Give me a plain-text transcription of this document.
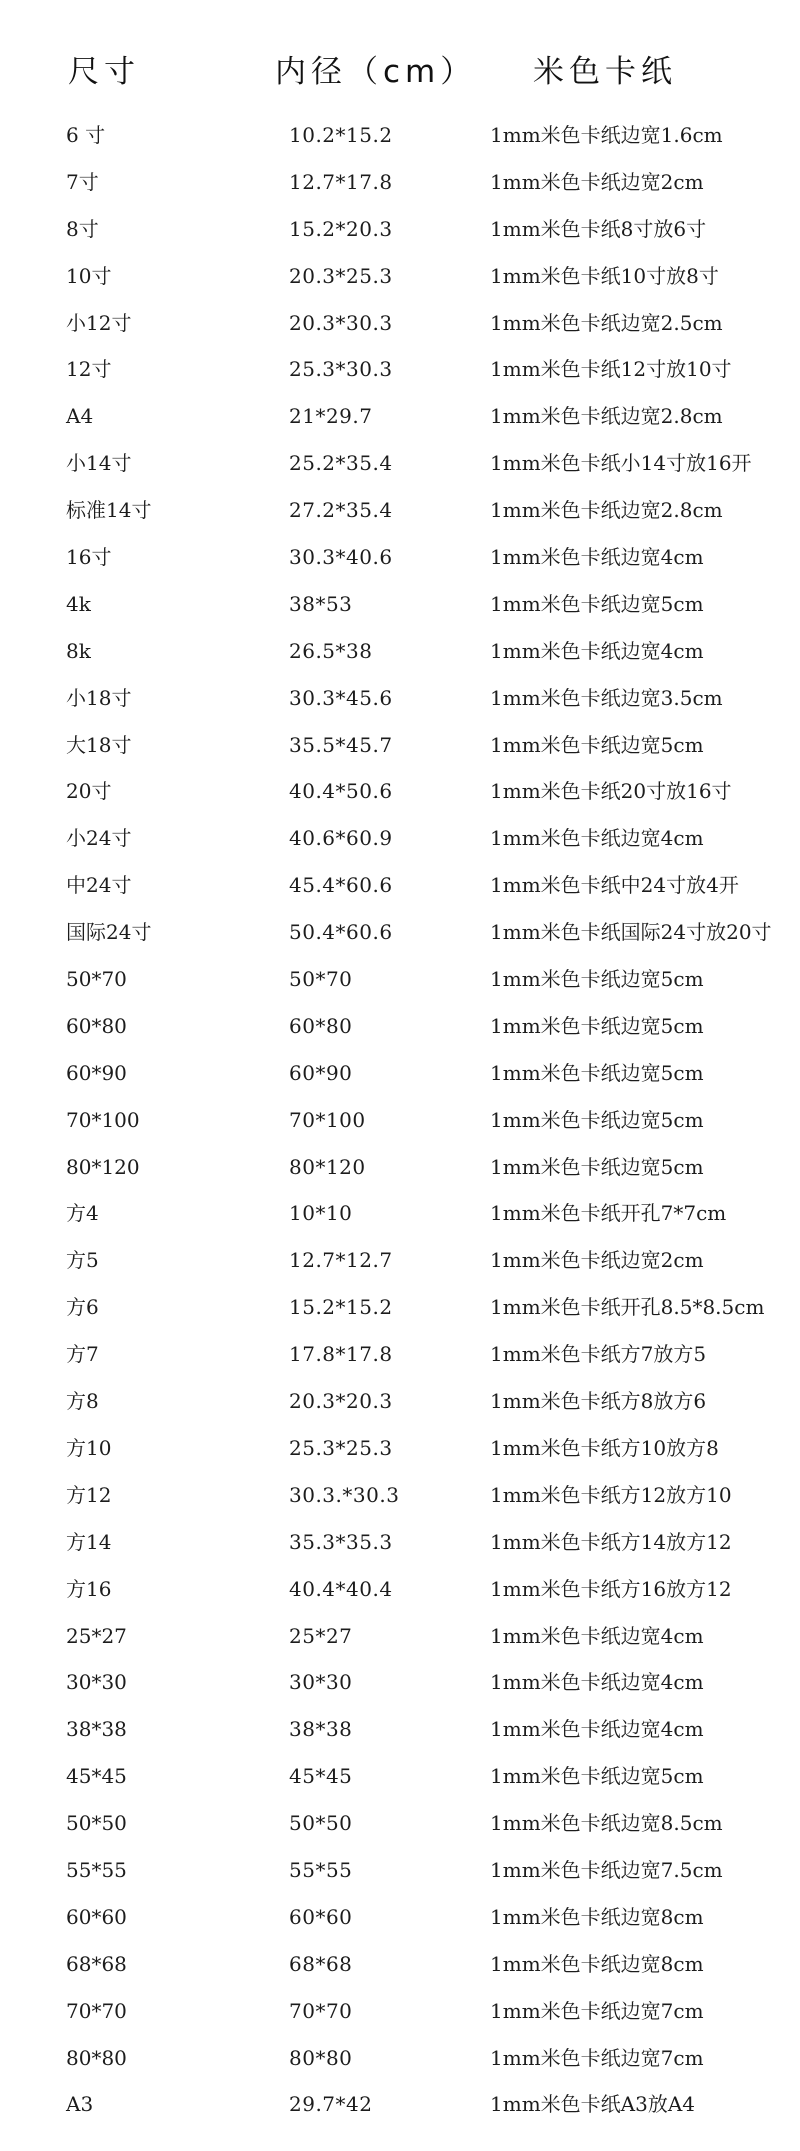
尺寸	内径（cm） 米色卡纸
6 寸	10.2*15.2	1mm米色卡纸边宽1.6cm
7寸	12.7*17.8	1mm米色卡纸边宽2cm
8寸	15.2*20.3	1mm米色卡纸8寸放6寸
10寸	20.3*25.3	1mm米色卡纸10寸放8寸
小12寸	20.3*30.3	1mm米色卡纸边宽2.5cm
12寸	25.3*30.3	1mm米色卡纸12寸放10寸
A4	21*29.7	1mm米色卡纸边宽2.8cm
小14寸	25.2*35.4	1mm米色卡纸小14寸放16开
标准14寸	27.2*35.4	1mm米色卡纸边宽2.8cm
16寸	30.3*40.6	1mm米色卡纸边宽4cm
4k	38*53	1mm米色卡纸边宽5cm
8k	26.5*38	1mm米色卡纸边宽4cm
小18寸	30.3*45.6	1mm米色卡纸边宽3.5cm
大18寸	35.5*45.7	1mm米色卡纸边宽5cm
20寸	40.4*50.6	1mm米色卡纸20寸放16寸
小24寸	40.6*60.9	1mm米色卡纸边宽4cm
中24寸	45.4*60.6	1mm米色卡纸中24寸放4开
国际24寸	50.4*60.6	1mm米色卡纸国际24寸放20寸
50*70	50*70	1mm米色卡纸边宽5cm
60*80	60*80	1mm米色卡纸边宽5cm
60*90	60*90	1mm米色卡纸边宽5cm
70*100	70*100	1mm米色卡纸边宽5cm
80*120	80*120	1mm米色卡纸边宽5cm
方4	10*10	1mm米色卡纸开孔7*7cm
方5	12.7*12.7	1mm米色卡纸边宽2cm
方6	15.2*15.2	1mm米色卡纸开孔8.5*8.5cm
方7	17.8*17.8	1mm米色卡纸方7放方5
方8	20.3*20.3	1mm米色卡纸方8放方6
方10	25.3*25.3	1mm米色卡纸方10放方8
方12	30.3.*30.3	1mm米色卡纸方12放方10
方14	35.3*35.3	1mm米色卡纸方14放方12
方16	40.4*40.4	1mm米色卡纸方16放方12
25*27	25*27	1mm米色卡纸边宽4cm
30*30	30*30	1mm米色卡纸边宽4cm
38*38	38*38	1mm米色卡纸边宽4cm
45*45	45*45	1mm米色卡纸边宽5cm
50*50	50*50	1mm米色卡纸边宽8.5cm
55*55	55*55	1mm米色卡纸边宽7.5cm
60*60	60*60	1mm米色卡纸边宽8cm
68*68	68*68	1mm米色卡纸边宽8cm
70*70	70*70	1mm米色卡纸边宽7cm
80*80	80*80	1mm米色卡纸边宽7cm
A3	29.7*42	1mm米色卡纸A3放A4
